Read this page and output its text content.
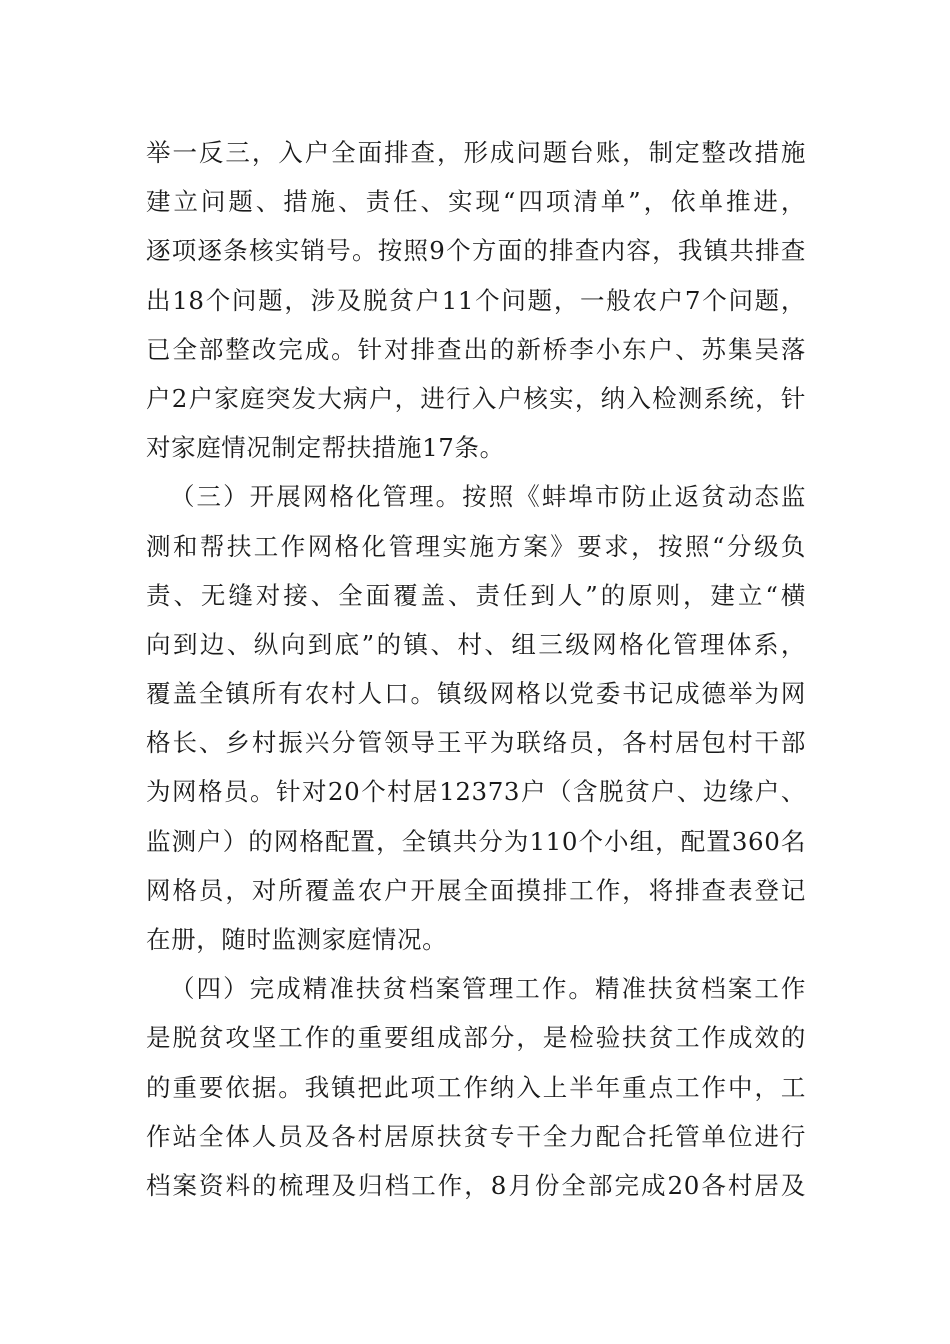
举一反三，入户全面排查，形成问题台账，制定整改措施
建立问题、措施、责任、实现“四项清单”，依单推进，
逐项逐条核实销号。按照9个方面的排查内容，我镇共排查
出18个问题，涉及脱贫户11个问题，一般农户7个问题，
已全部整改完成。针对排查出的新桥李小东户、苏集吴落
户2户家庭突发大病户，进行入户核实，纳入检测系统，针
对家庭情况制定帮扶措施17条。
（三）开展网格化管理。按照《蚌埠市防止返贫动态监
测和帮扶工作网格化管理实施方案》要求，按照“分级负
责、无缝对接、全面覆盖、责任到人”的原则，建立“横
向到边、纵向到底”的镇、村、组三级网格化管理体系，
覆盖全镇所有农村人口。镇级网格以党委书记成德举为网
格长、乡村振兴分管领导王平为联络员，各村居包村干部
为网格员。针对20个村居12373户（含脱贫户、边缘户、
监测户）的网格配置，全镇共分为110个小组，配置360名
网格员，对所覆盖农户开展全面摸排工作，将排查表登记
在册，随时监测家庭情况。
（四）完成精准扶贫档案管理工作。精准扶贫档案工作
是脱贫攻坚工作的重要组成部分，是检验扶贫工作成效的
的重要依据。我镇把此项工作纳入上半年重点工作中，工
作站全体人员及各村居原扶贫专干全力配合托管单位进行
档案资料的梳理及归档工作，8月份全部完成20各村居及
